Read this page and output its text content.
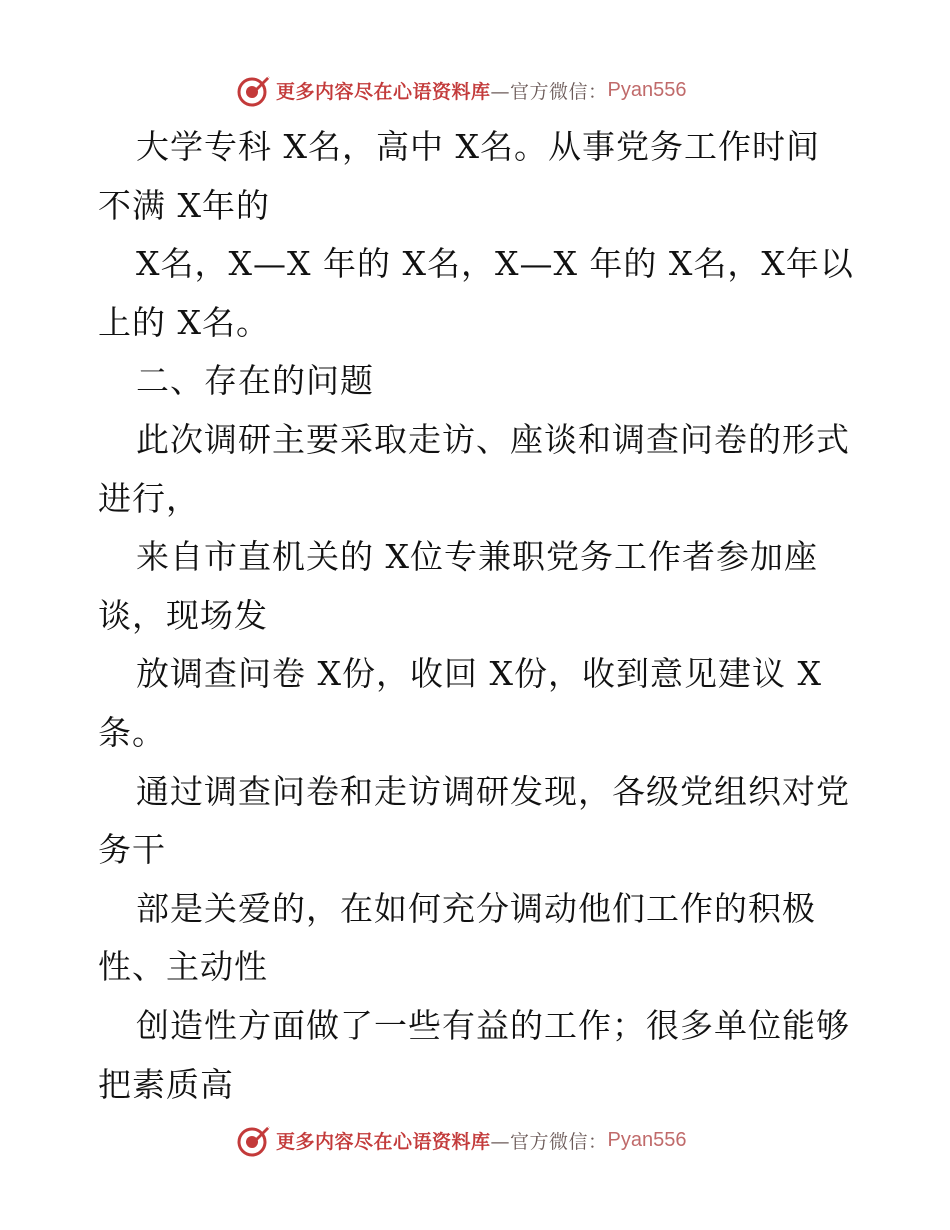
更多内容尽在心语资料库 —官方微信： Pyan556
大学专科 X名，高中 X名。从事党务工作时间
不满 X年的
X名，X—X 年的 X名，X—X 年的 X名，X年以
上的 X名。
二、存在的问题
此次调研主要采取走访、座谈和调查问卷的形式
进行，
来自市直机关的 X位专兼职党务工作者参加座
谈，现场发
放调查问卷 X份，收回 X份，收到意见建议 X
条。
通过调查问卷和走访调研发现，各级党组织对党
务干
部是关爱的，在如何充分调动他们工作的积极
性、主动性
创造性方面做了一些有益的工作；很多单位能够
把素质高
更多内容尽在心语资料库 —官方微信： Pyan556
